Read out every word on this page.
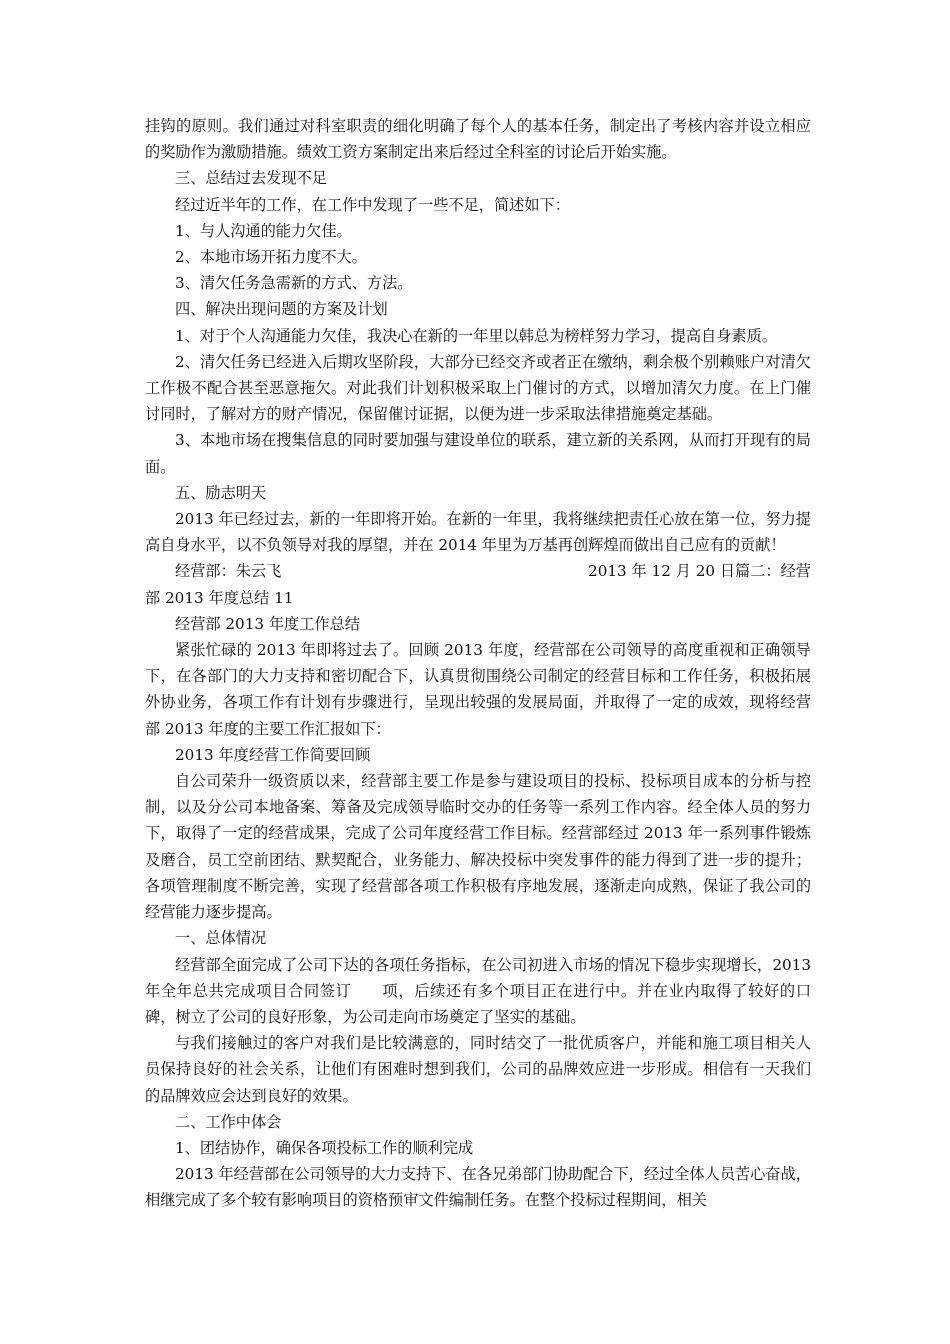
挂钩的原则。我们通过对科室职责的细化明确了每个人的基本任务，制定出了考核内容并设立相应的奖励作为激励措施。绩效工资方案制定出来后经过全科室的讨论后开始实施。

三、总结过去发现不足

经过近半年的工作，在工作中发现了一些不足，简述如下：

1、与人沟通的能力欠佳。

2、本地市场开拓力度不大。

3、清欠任务急需新的方式、方法。

四、解决出现问题的方案及计划

1、对于个人沟通能力欠佳，我决心在新的一年里以韩总为榜样努力学习，提高自身素质。

2、清欠任务已经进入后期攻坚阶段，大部分已经交齐或者正在缴纳，剩余极个别赖账户对清欠工作极不配合甚至恶意拖欠。对此我们计划积极采取上门催讨的方式，以增加清欠力度。在上门催讨同时，了解对方的财产情况，保留催讨证据，以便为进一步采取法律措施奠定基础。

3、本地市场在搜集信息的同时要加强与建设单位的联系，建立新的关系网，从而打开现有的局面。

五、励志明天

2013 年已经过去，新的一年即将开始。在新的一年里，我将继续把责任心放在第一位，努力提高自身水平，以不负领导对我的厚望，并在 2014 年里为万基再创辉煌而做出自己应有的贡献！

经营部：朱云飞	2013 年 12 月 20 日篇二：经营

部 2013 年度总结 11

经营部 2013 年度工作总结

紧张忙碌的 2013 年即将过去了。回顾 2013 年度，经营部在公司领导的高度重视和正确领导下，在各部门的大力支持和密切配合下，认真贯彻围绕公司制定的经营目标和工作任务，积极拓展外协业务，各项工作有计划有步骤进行，呈现出较强的发展局面，并取得了一定的成效，现将经营部 2013 年度的主要工作汇报如下：

2013 年度经营工作简要回顾

自公司荣升一级资质以来，经营部主要工作是参与建设项目的投标、投标项目成本的分析与控制，以及分公司本地备案、筹备及完成领导临时交办的任务等一系列工作内容。经全体人员的努力下，取得了一定的经营成果，完成了公司年度经营工作目标。经营部经过 2013 年一系列事件锻炼及磨合，员工空前团结、默契配合，业务能力、解决投标中突发事件的能力得到了进一步的提升；各项管理制度不断完善，实现了经营部各项工作积极有序地发展，逐渐走向成熟，保证了我公司的经营能力逐步提高。

一、总体情况

经营部全面完成了公司下达的各项任务指标，在公司初进入市场的情况下稳步实现增长，2013 年全年总共完成项目合同签订 项，后续还有多个项目正在进行中。并在业内取得了较好的口碑，树立了公司的良好形象，为公司走向市场奠定了坚实的基础。

与我们接触过的客户对我们是比较满意的，同时结交了一批优质客户，并能和施工项目相关人员保持良好的社会关系，让他们有困难时想到我们，公司的品牌效应进一步形成。相信有一天我们的品牌效应会达到良好的效果。

二、工作中体会

1、团结协作，确保各项投标工作的顺利完成

2013 年经营部在公司领导的大力支持下、在各兄弟部门协助配合下，经过全体人员苦心奋战，相继完成了多个较有影响项目的资格预审文件编制任务。在整个投标过程期间，相关
